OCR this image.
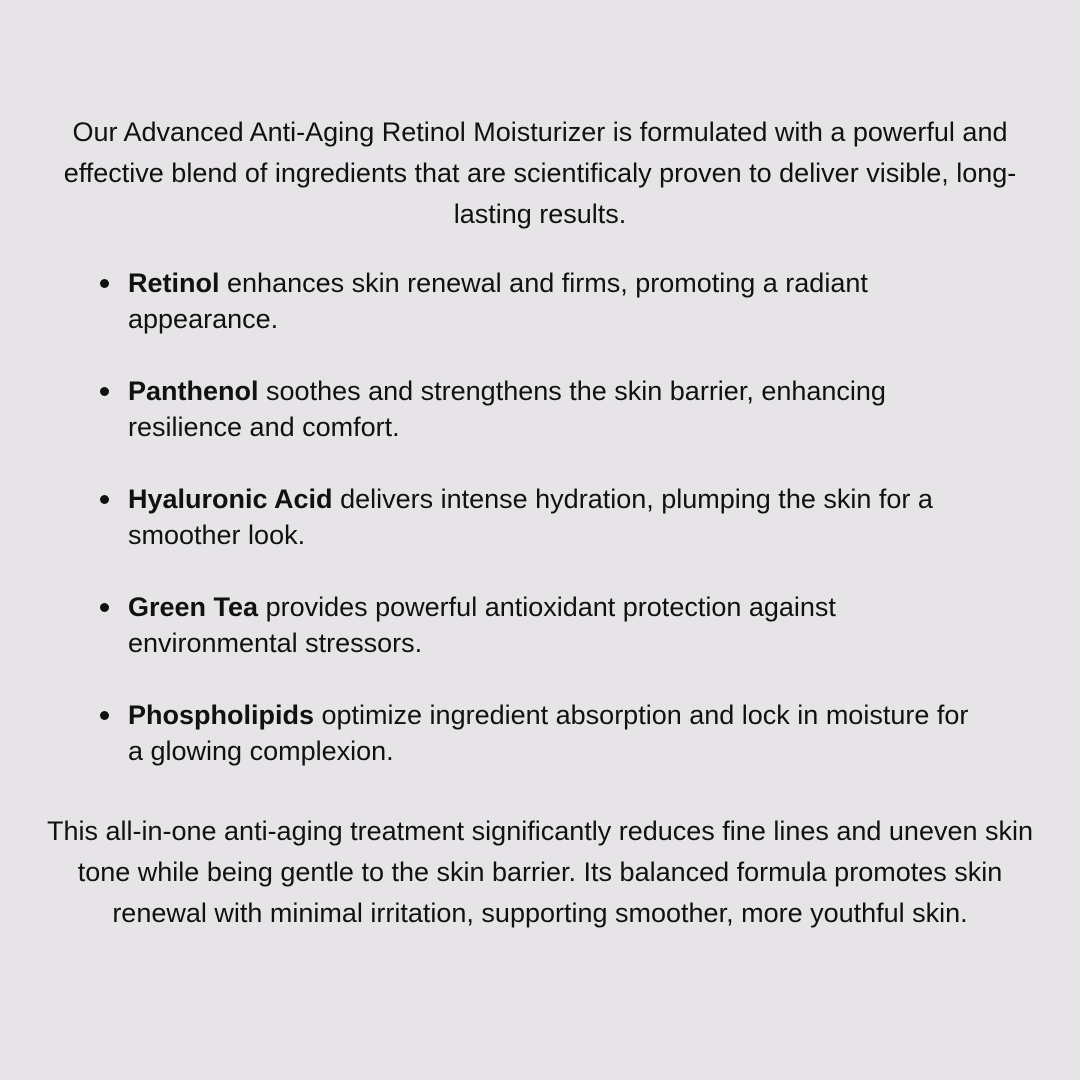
Our Advanced Anti-Aging Retinol Moisturizer is formulated with a powerful and effective blend of ingredients that are scientificaly proven to deliver visible, long-lasting results.

Retinol enhances skin renewal and firms, promoting a radiant appearance.
Panthenol soothes and strengthens the skin barrier, enhancing resilience and comfort.
Hyaluronic Acid delivers intense hydration, plumping the skin for a smoother look.
Green Tea provides powerful antioxidant protection against environmental stressors.
Phospholipids optimize ingredient absorption and lock in moisture for a glowing complexion.

This all-in-one anti-aging treatment significantly reduces fine lines and uneven skin tone while being gentle to the skin barrier. Its balanced formula promotes skin renewal with minimal irritation, supporting smoother, more youthful skin.
